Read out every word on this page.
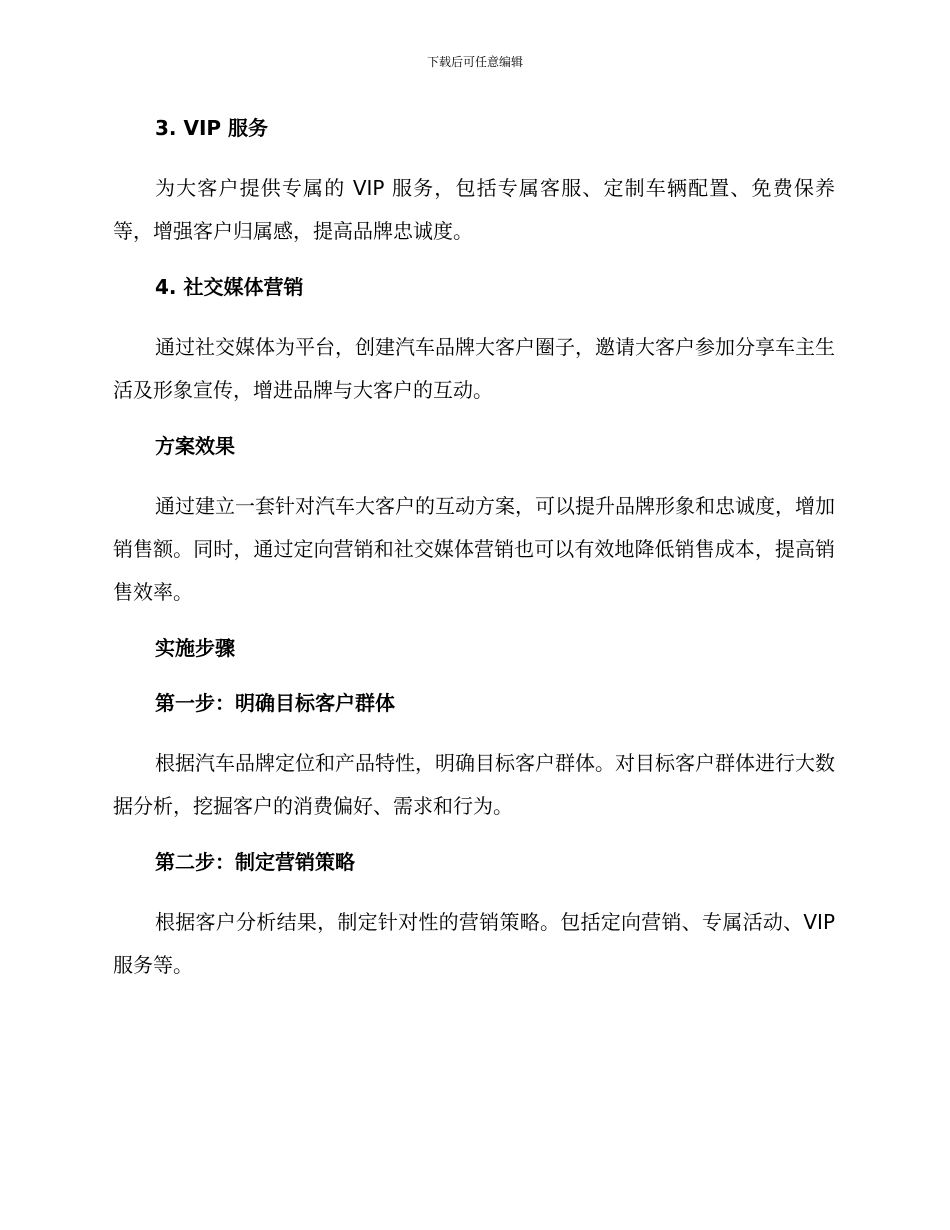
下载后可任意编辑
3. VIP 服务

为大客户提供专属的 VIP 服务，包括专属客服、定制车辆配置、免费保养等，增强客户归属感，提高品牌忠诚度。

4. 社交媒体营销

通过社交媒体为平台，创建汽车品牌大客户圈子，邀请大客户参加分享车主生活及形象宣传，增进品牌与大客户的互动。

方案效果

通过建立一套针对汽车大客户的互动方案，可以提升品牌形象和忠诚度，增加销售额。同时，通过定向营销和社交媒体营销也可以有效地降低销售成本，提高销售效率。

实施步骤
第一步：明确目标客户群体

根据汽车品牌定位和产品特性，明确目标客户群体。对目标客户群体进行大数据分析，挖掘客户的消费偏好、需求和行为。

第二步：制定营销策略

根据客户分析结果，制定针对性的营销策略。包括定向营销、专属活动、VIP 服务等。
